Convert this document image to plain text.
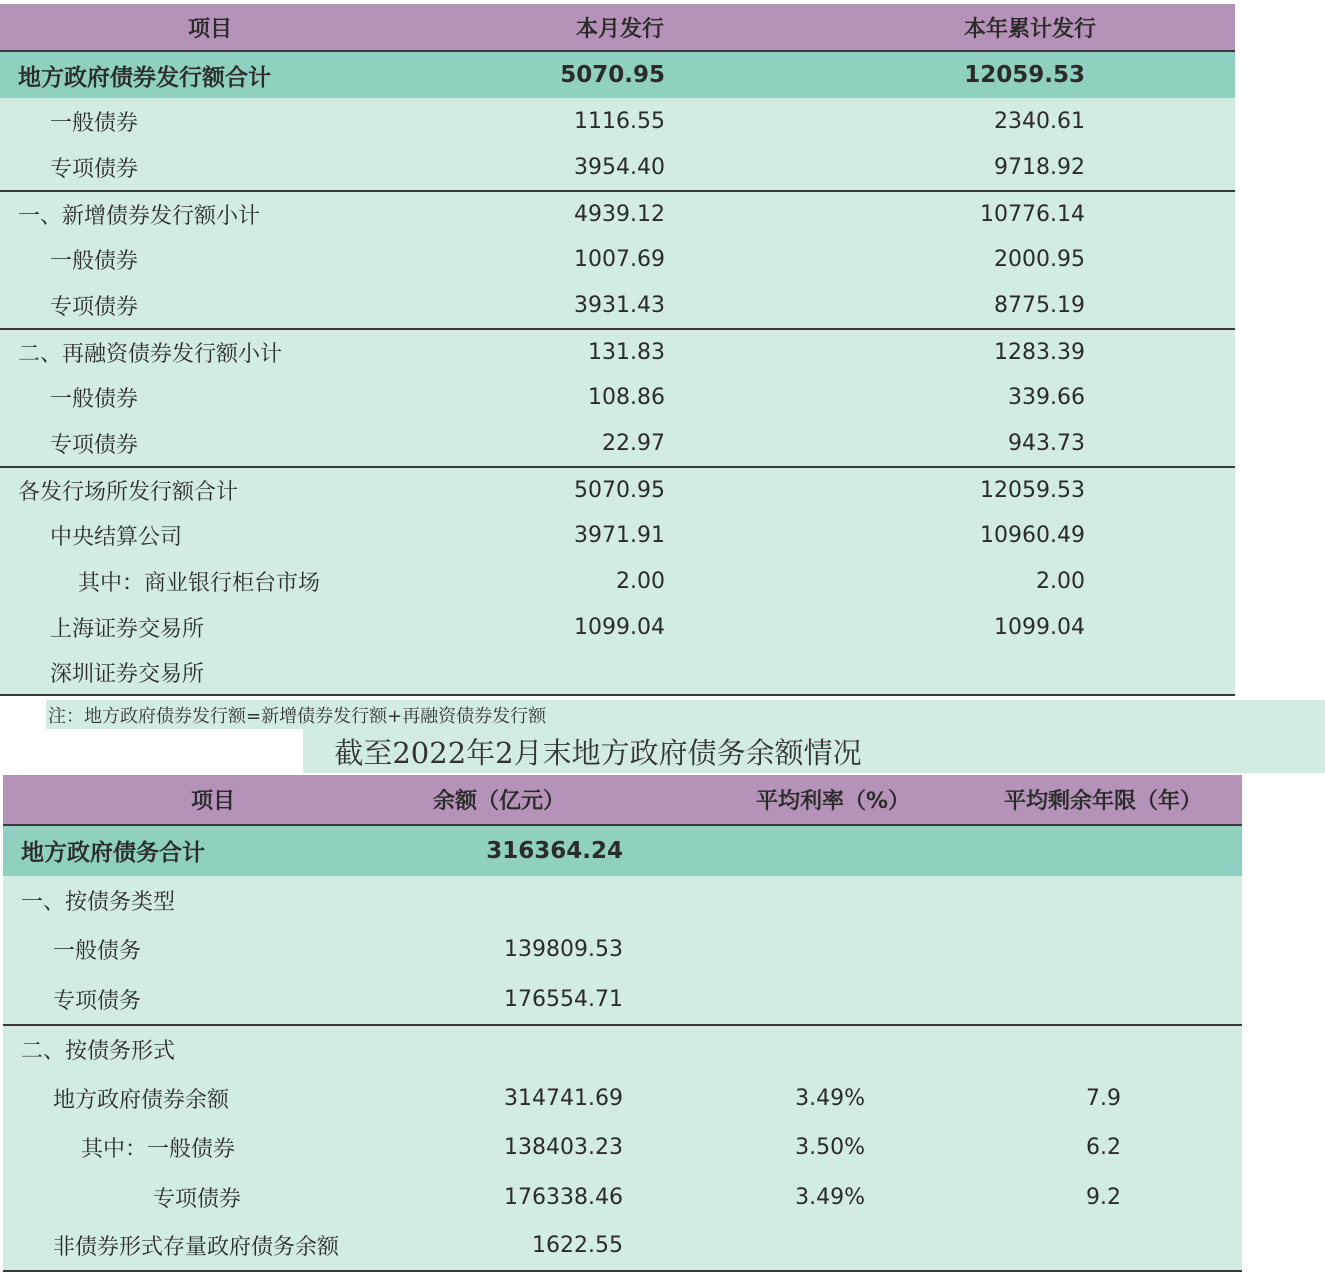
项目	本月发行	本年累计发行
地方政府债券发行额合计	5070.95	12059.53
一般债券	1116.55	2340.61
专项债券	3954.40	9718.92
一、新增债券发行额小计	4939.12	10776.14
一般债券	1007.69	2000.95
专项债券	3931.43	8775.19
二、再融资债券发行额小计	131.83	1283.39
一般债券	108.86	339.66
专项债券	22.97	943.73
各发行场所发行额合计	5070.95	12059.53
中央结算公司	3971.91	10960.49
其中：商业银行柜台市场	2.00	2.00
上海证券交易所	1099.04	1099.04
深圳证券交易所
注：地方政府债券发行额=新增债券发行额+再融资债券发行额
截至2022年2月末地方政府债务余额情况
项目	余额（亿元）	平均利率（%）	平均剩余年限（年）
地方政府债务合计	316364.24
一、按债务类型
一般债务	139809.53
专项债务	176554.71
二、按债务形式
地方政府债券余额	314741.69	3.49%	7.9
其中：一般债券	138403.23	3.50%	6.2
专项债券	176338.46	3.49%	9.2
非债券形式存量政府债务余额	1622.55
